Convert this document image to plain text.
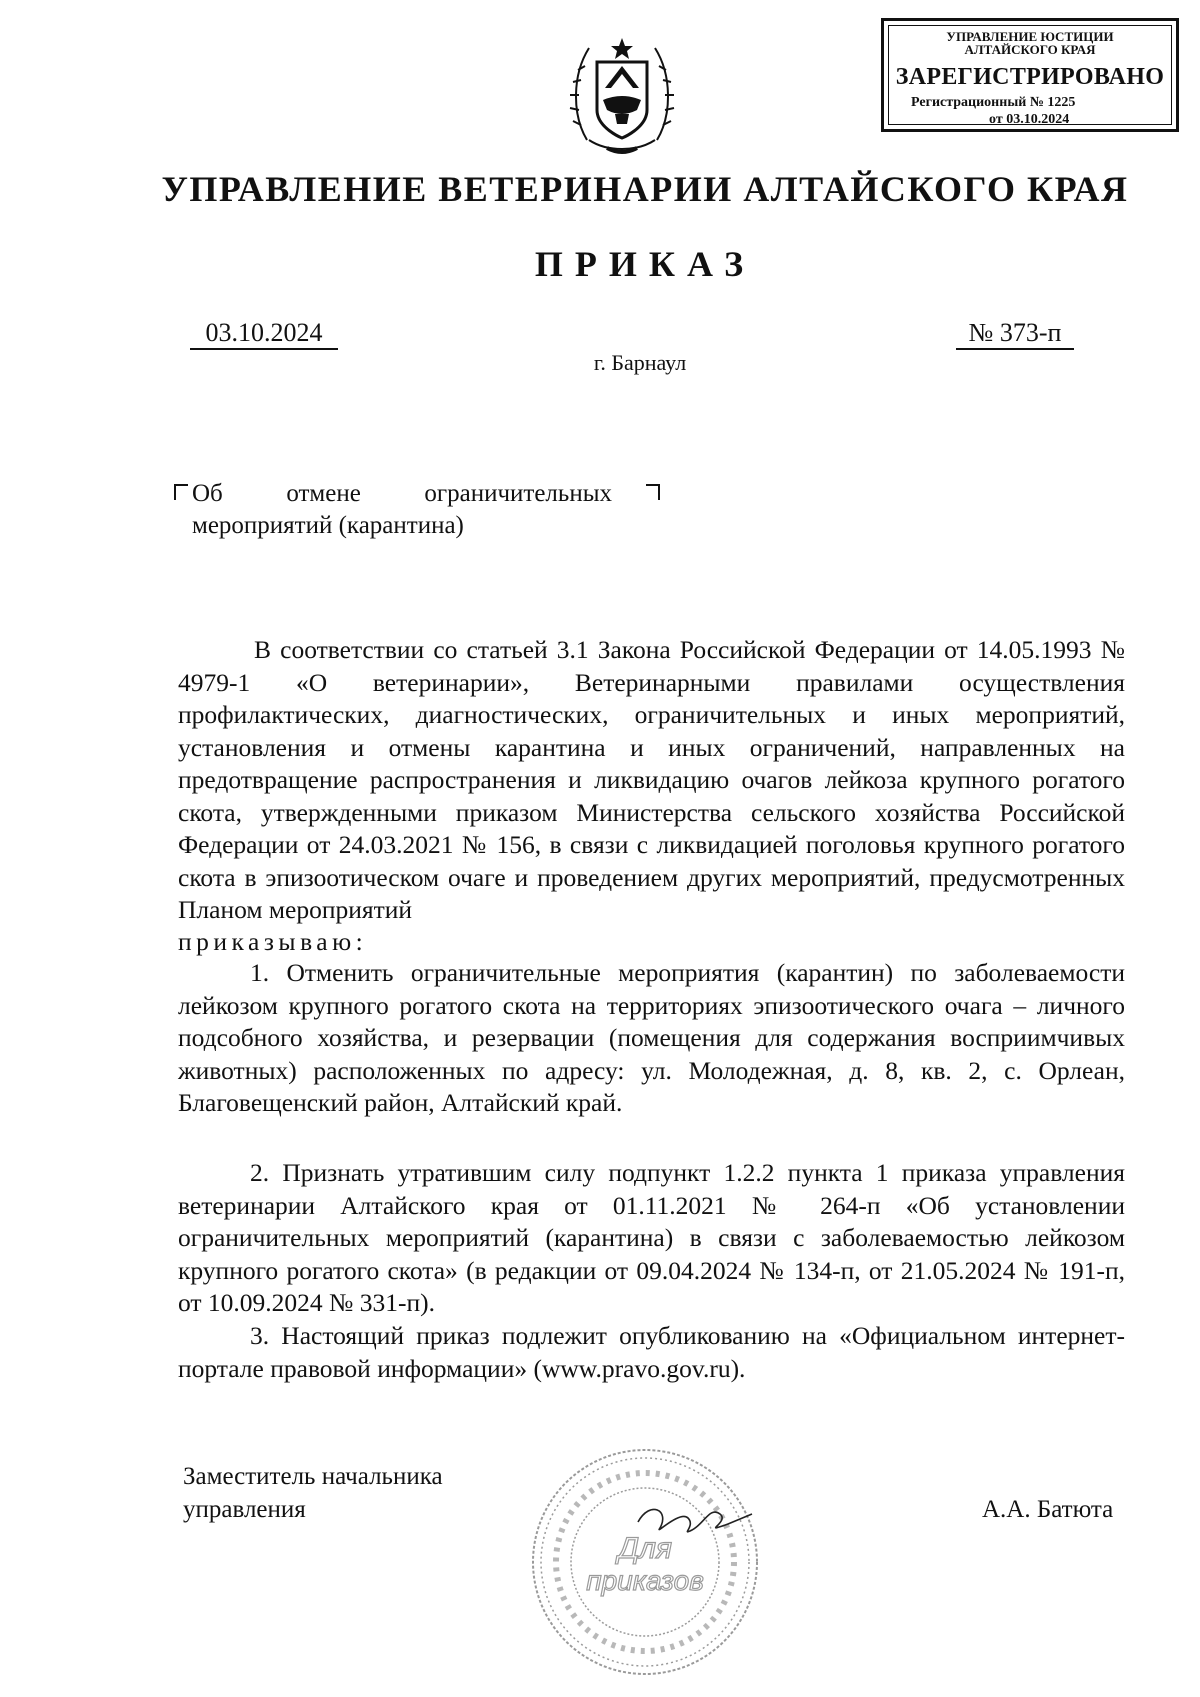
УПРАВЛЕНИЕ ЮСТИЦИИ
АЛТАЙСКОГО КРАЯ
ЗАРЕГИСТРИРОВАНО
Регистрационный № 1225
от 03.10.2024
УПРАВЛЕНИЕ ВЕТЕРИНАРИИ АЛТАЙСКОГО КРАЯ
ПРИКАЗ
03.10.2024	№ 373-п
г. Барнаул
Об отмене ограничительных
мероприятий (карантина)

В соответствии со статьей 3.1 Закона Российской Федерации от 14.05.1993 № 4979-1 «О ветеринарии», Ветеринарными правилами осуществления профилактических, диагностических, ограничительных и иных мероприятий, установления и отмены карантина и иных ограничений, направленных на предотвращение распространения и ликвидацию очагов лейкоза крупного рогатого скота, утвержденными приказом Министерства сельского хозяйства Российской Федерации от 24.03.2021 № 156, в связи с ликвидацией поголовья крупного рогатого скота в эпизоотическом очаге и проведением других мероприятий, предусмотренных Планом мероприятий

приказываю:

1. Отменить ограничительные мероприятия (карантин) по заболеваемости лейкозом крупного рогатого скота на территориях эпизоотического очага – личного подсобного хозяйства, и резервации (помещения для содержания восприимчивых животных) расположенных по адресу: ул. Молодежная, д. 8, кв. 2, с. Орлеан, Благовещенский район, Алтайский край.

2. Признать утратившим силу подпункт 1.2.2 пункта 1 приказа управления ветеринарии Алтайского края от 01.11.2021 № 264-п «Об установлении ограничительных мероприятий (карантина) в связи с заболеваемостью лейкозом крупного рогатого скота» (в редакции от 09.04.2024 № 134-п, от 21.05.2024 № 191-п, от 10.09.2024 № 331-п).

3. Настоящий приказ подлежит опубликованию на «Официальном интернет-портале правовой информации» (www.pravo.gov.ru).

Заместитель начальника
управления	А.А. Батюта
Для
приказов
